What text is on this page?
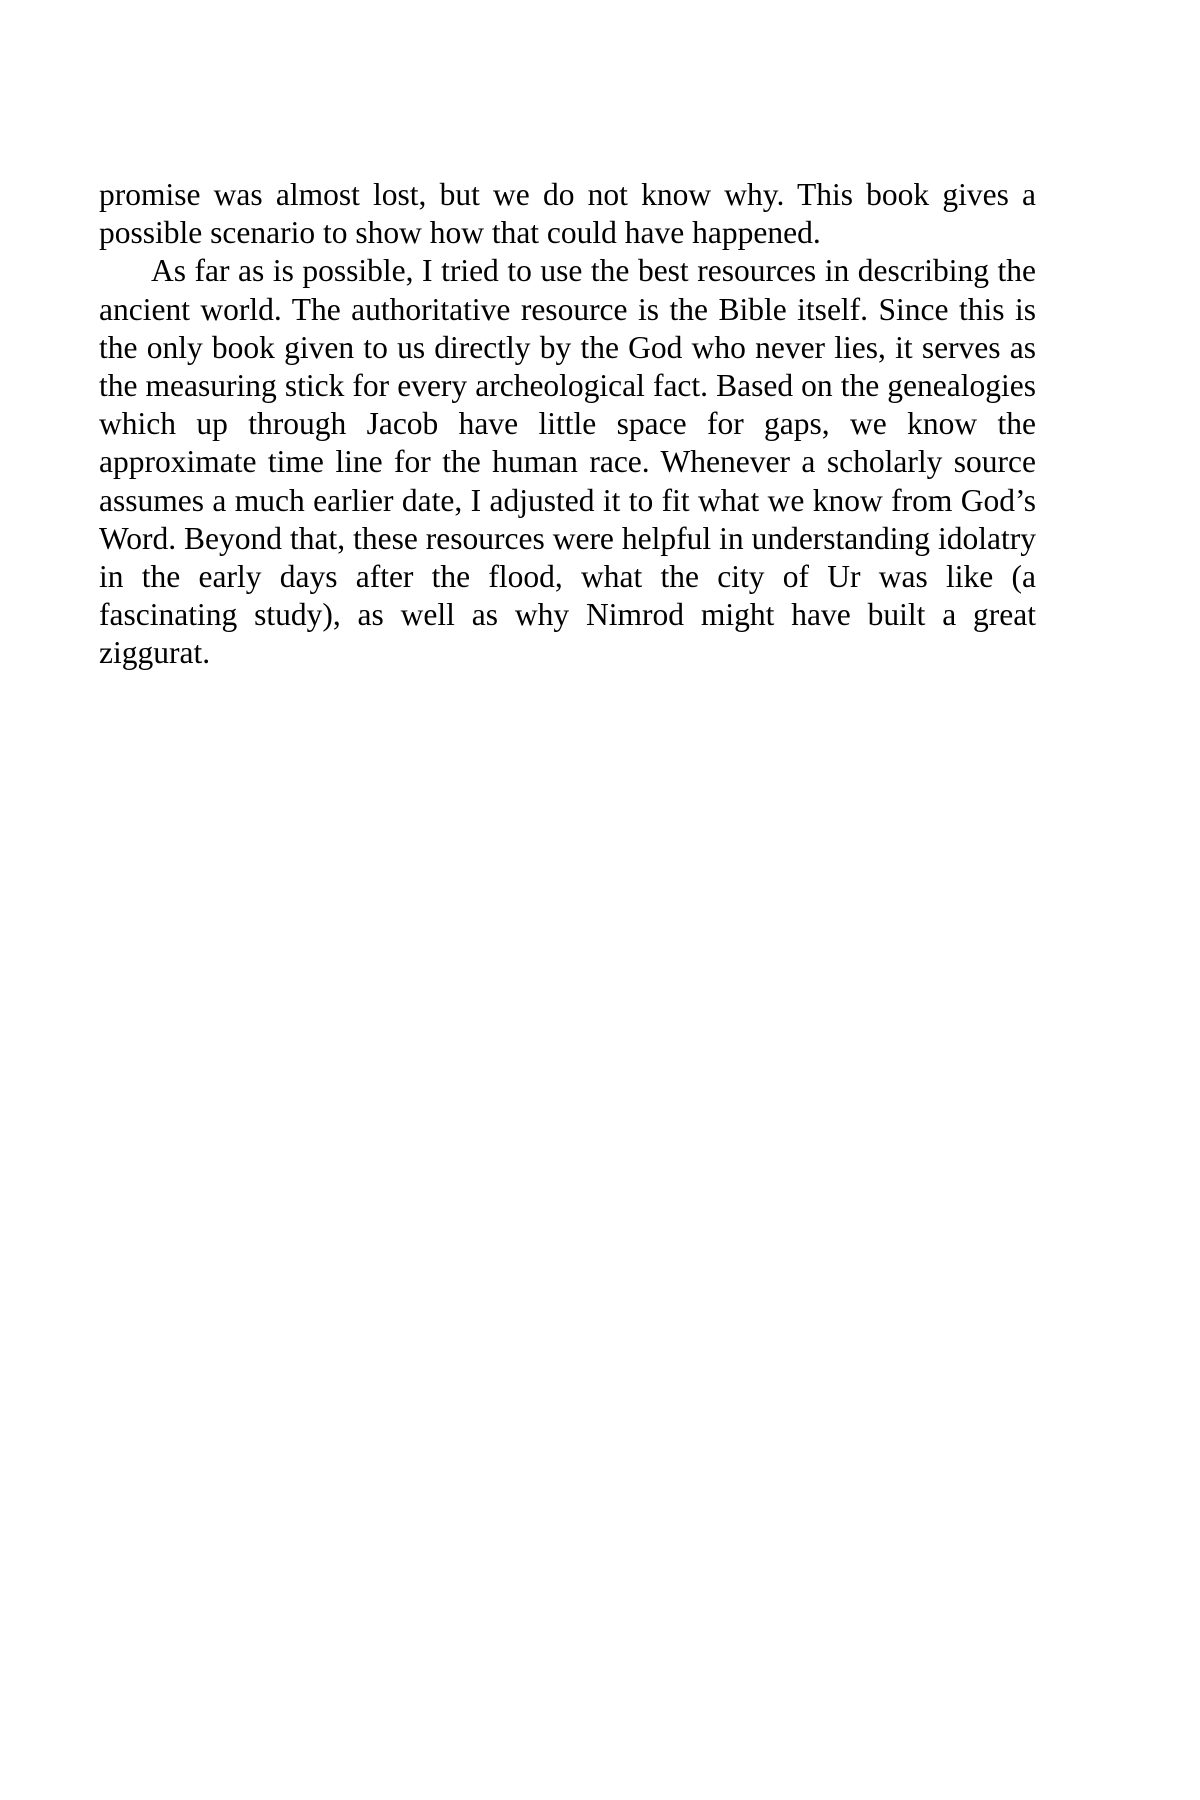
promise was almost lost, but we do not know why. This book gives a possible scenario to show how that could have happened.

As far as is possible, I tried to use the best resources in describing the ancient world. The authoritative resource is the Bible itself. Since this is the only book given to us directly by the God who never lies, it serves as the measuring stick for every archeological fact. Based on the genealogies which up through Jacob have little space for gaps, we know the approximate time line for the human race. Whenever a scholarly source assumes a much earlier date, I adjusted it to fit what we know from God’s Word. Beyond that, these resources were helpful in understanding idolatry in the early days after the flood, what the city of Ur was like (a fascinating study), as well as why Nimrod might have built a great ziggurat.
